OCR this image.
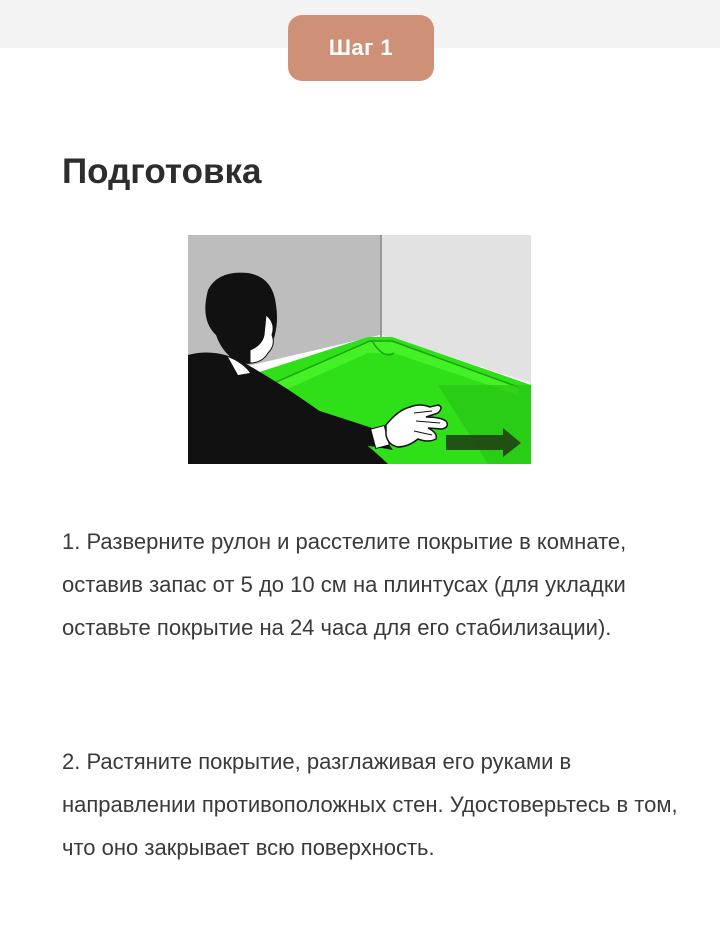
Шаг 1
Подготовка

1. Разверните рулон и расстелите покрытие в комнате, оставив запас от 5 до 10 см на плинтусах (для укладки оставьте покрытие на 24 часа для его стабилизации).

2. Растяните покрытие, разглаживая его руками в направлении противоположных стен. Удостоверьтесь в том, что оно закрывает всю поверхность.
